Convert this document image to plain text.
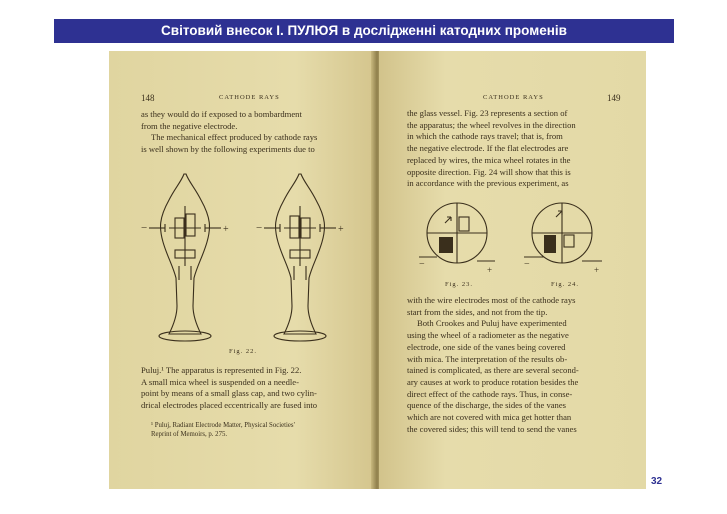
Світовий внесок І. ПУЛЮЯ в дослідженні катодних променів
148	CATHODE RAYS

as they would do if exposed to a bombardment

from the negative electrode.

The mechanical effect produced by cathode rays

is well shown by the following experiments due to

−	+ −	+
Fig. 22.

Puluj.¹ The apparatus is represented in Fig. 22.

A small mica wheel is suspended on a needle-

point by means of a small glass cap, and two cylin-

drical electrodes placed eccentrically are fused into

¹ Puluj, Radiant Electrode Matter, Physical Societies'
Reprint of Memoirs, p. 275.
CATHODE RAYS	149

the glass vessel. Fig. 23 represents a section of

the apparatus; the wheel revolves in the direction

in which the cathode rays travel; that is, from

the negative electrode. If the flat electrodes are

replaced by wires, the mica wheel rotates in the

opposite direction. Fig. 24 will show that this is

in accordance with the previous experiment, as

−	+	−	+
Fig. 23.	Fig. 24.

with the wire electrodes most of the cathode rays

start from the sides, and not from the tip.

Both Crookes and Puluj have experimented

using the wheel of a radiometer as the negative

electrode, one side of the vanes being covered

with mica. The interpretation of the results ob-

tained is complicated, as there are several second-

ary causes at work to produce rotation besides the

direct effect of the cathode rays. Thus, in conse-

quence of the discharge, the sides of the vanes

which are not covered with mica get hotter than

the covered sides; this will tend to send the vanes

32
